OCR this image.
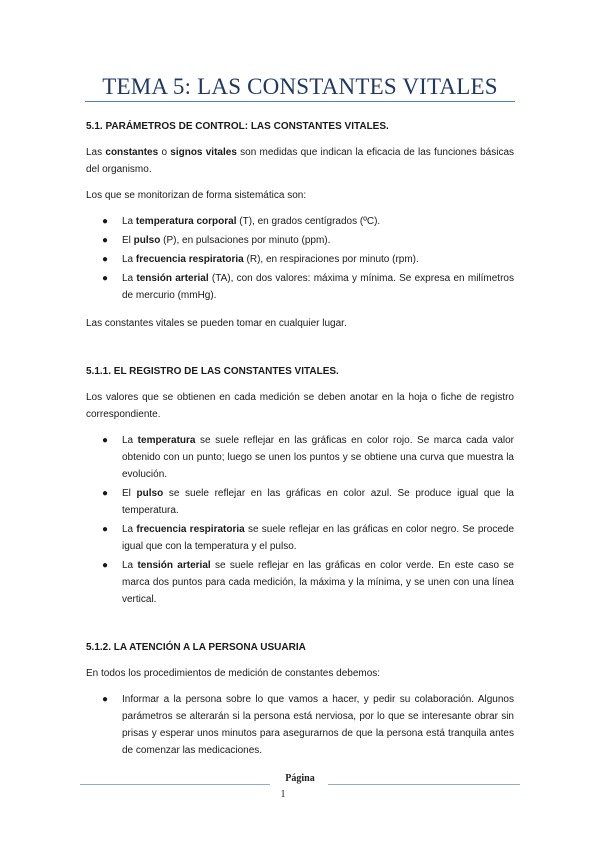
TEMA 5: LAS CONSTANTES VITALES
5.1. PARÁMETROS DE CONTROL: LAS CONSTANTES VITALES.

Las constantes o signos vitales son medidas que indican la eficacia de las funciones básicas del organismo.

Los que se monitorizan de forma sistemática son:

● La temperatura corporal (T), en grados centígrados (ºC).
● El pulso (P), en pulsaciones por minuto (ppm).
● La frecuencia respiratoria (R), en respiraciones por minuto (rpm).
● La tensión arterial (TA), con dos valores: máxima y mínima. Se expresa en milímetros de mercurio (mmHg).

Las constantes vitales se pueden tomar en cualquier lugar.

5.1.1. EL REGISTRO DE LAS CONSTANTES VITALES.

Los valores que se obtienen en cada medición se deben anotar en la hoja o fiche de registro correspondiente.

● La temperatura se suele reflejar en las gráficas en color rojo. Se marca cada valor obtenido con un punto; luego se unen los puntos y se obtiene una curva que muestra la evolución.
● El pulso se suele reflejar en las gráficas en color azul. Se produce igual que la temperatura.
● La frecuencia respiratoria se suele reflejar en las gráficas en color negro. Se procede igual que con la temperatura y el pulso.
● La tensión arterial se suele reflejar en las gráficas en color verde. En este caso se marca dos puntos para cada medición, la máxima y la mínima, y se unen con una línea vertical.
5.1.2. LA ATENCIÓN A LA PERSONA USUARIA

En todos los procedimientos de medición de constantes debemos:

● Informar a la persona sobre lo que vamos a hacer, y pedir su colaboración. Algunos parámetros se alterarán si la persona está nerviosa, por lo que se interesante obrar sin prisas y esperar unos minutos para asegurarnos de que la persona está tranquila antes de comenzar las medicaciones.
Página
1
